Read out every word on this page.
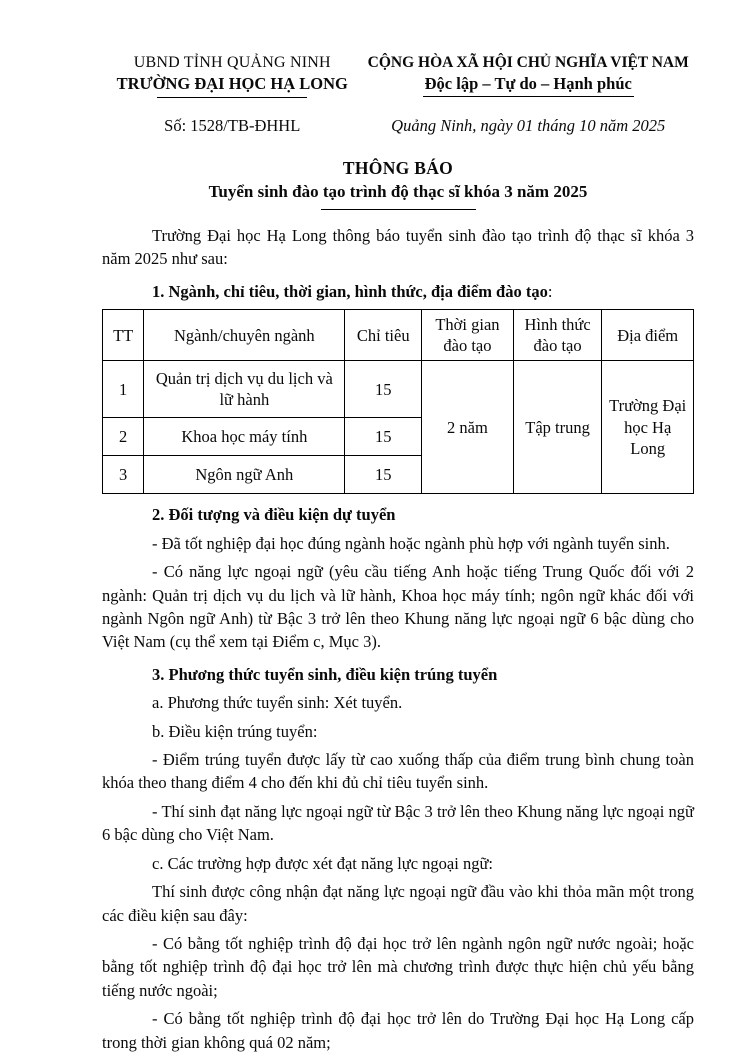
UBND TỈNH QUẢNG NINH
TRƯỜNG ĐẠI HỌC HẠ LONG
CỘNG HÒA XÃ HỘI CHỦ NGHĨA VIỆT NAM
Độc lập – Tự do – Hạnh phúc
Số: 1528/TB-ĐHHL	Quảng Ninh, ngày 01 tháng 10 năm 2025
THÔNG BÁO
Tuyển sinh đào tạo trình độ thạc sĩ khóa 3 năm 2025

Trường Đại học Hạ Long thông báo tuyển sinh đào tạo trình độ thạc sĩ khóa 3 năm 2025 như sau:

1. Ngành, chỉ tiêu, thời gian, hình thức, địa điểm đào tạo:

TT	Ngành/chuyên ngành	Chỉ tiêu	Thời gian đào tạo	Hình thức đào tạo	Địa điểm
1	Quản trị dịch vụ du lịch và lữ hành	15	2 năm	Tập trung	Trường Đại học Hạ Long
2	Khoa học máy tính	15			
3	Ngôn ngữ Anh	15			

2. Đối tượng và điều kiện dự tuyển

- Đã tốt nghiệp đại học đúng ngành hoặc ngành phù hợp với ngành tuyển sinh.

- Có năng lực ngoại ngữ (yêu cầu tiếng Anh hoặc tiếng Trung Quốc đối với 2 ngành: Quản trị dịch vụ du lịch và lữ hành, Khoa học máy tính; ngôn ngữ khác đối với ngành Ngôn ngữ Anh) từ Bậc 3 trở lên theo Khung năng lực ngoại ngữ 6 bậc dùng cho Việt Nam (cụ thể xem tại Điểm c, Mục 3).

3. Phương thức tuyển sinh, điều kiện trúng tuyển

a. Phương thức tuyển sinh: Xét tuyển.

b. Điều kiện trúng tuyển:

- Điểm trúng tuyển được lấy từ cao xuống thấp của điểm trung bình chung toàn khóa theo thang điểm 4 cho đến khi đủ chỉ tiêu tuyển sinh.

- Thí sinh đạt năng lực ngoại ngữ từ Bậc 3 trở lên theo Khung năng lực ngoại ngữ 6 bậc dùng cho Việt Nam.

c. Các trường hợp được xét đạt năng lực ngoại ngữ:

Thí sinh được công nhận đạt năng lực ngoại ngữ đầu vào khi thỏa mãn một trong các điều kiện sau đây:

- Có bằng tốt nghiệp trình độ đại học trở lên ngành ngôn ngữ nước ngoài; hoặc bằng tốt nghiệp trình độ đại học trở lên mà chương trình được thực hiện chủ yếu bằng tiếng nước ngoài;

- Có bằng tốt nghiệp trình độ đại học trở lên do Trường Đại học Hạ Long cấp trong thời gian không quá 02 năm;
